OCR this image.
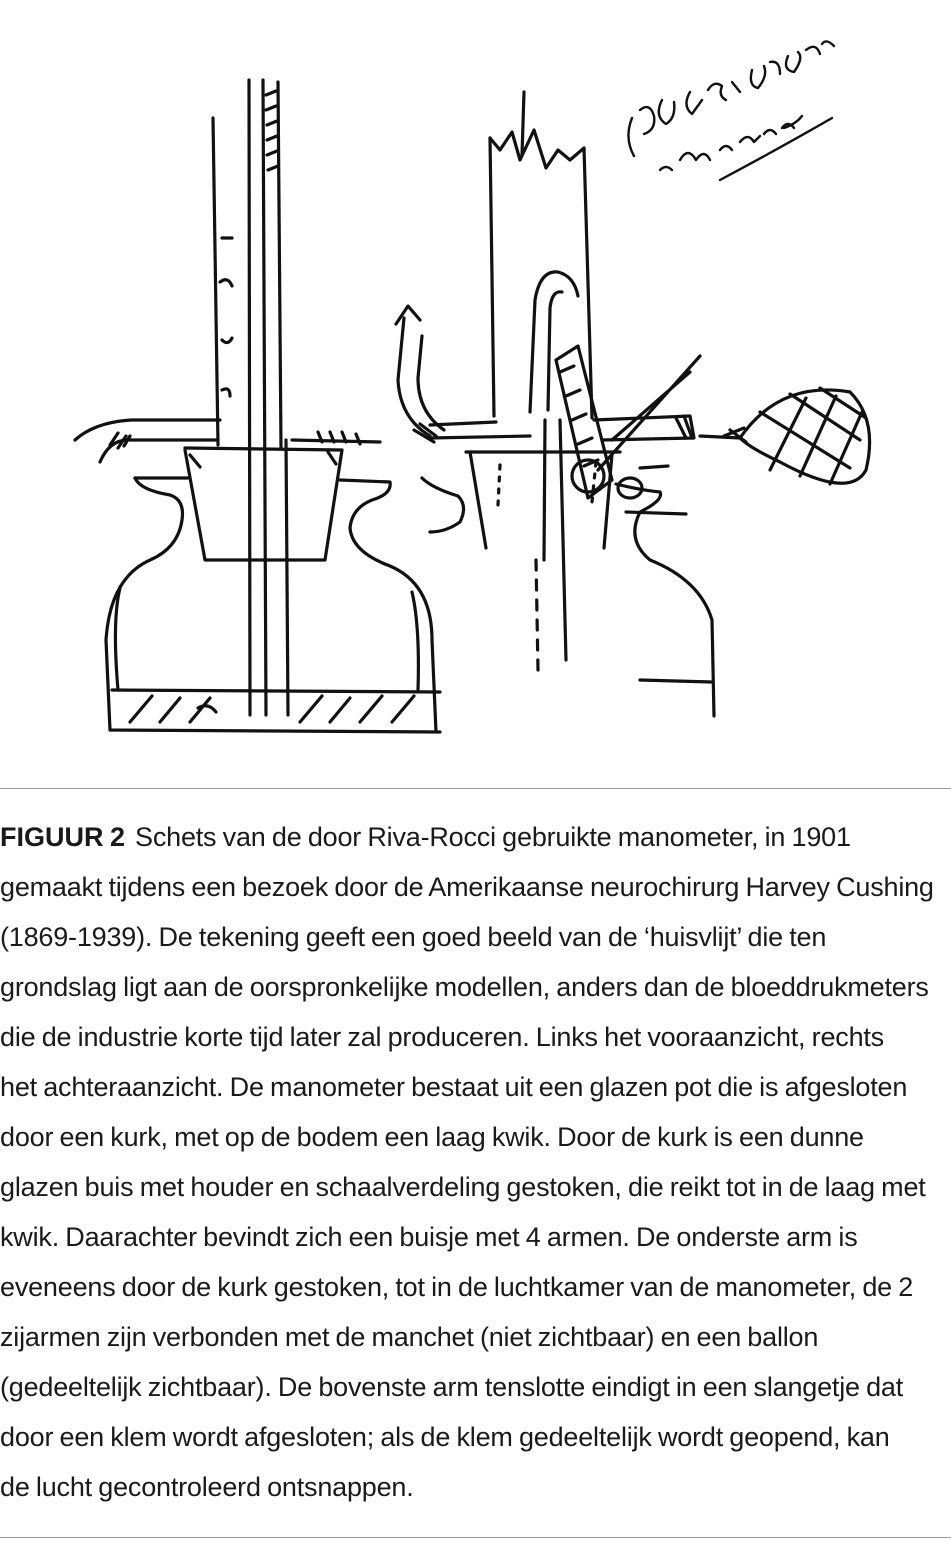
FIGUUR 2 Schets van de door Riva-Rocci gebruikte manometer, in 1901
gemaakt tijdens een bezoek door de Amerikaanse neurochirurg Harvey Cushing
(1869-1939). De tekening geeft een goed beeld van de ‘huisvlijt’ die ten
grondslag ligt aan de oorspronkelijke modellen, anders dan de bloeddrukmeters
die de industrie korte tijd later zal produceren. Links het vooraanzicht, rechts
het achteraanzicht. De manometer bestaat uit een glazen pot die is afgesloten
door een kurk, met op de bodem een laag kwik. Door de kurk is een dunne
glazen buis met houder en schaalverdeling gestoken, die reikt tot in de laag met
kwik. Daarachter bevindt zich een buisje met 4 armen. De onderste arm is
eveneens door de kurk gestoken, tot in de luchtkamer van de manometer, de 2
zijarmen zijn verbonden met de manchet (niet zichtbaar) en een ballon
(gedeeltelijk zichtbaar). De bovenste arm tenslotte eindigt in een slangetje dat
door een klem wordt afgesloten; als de klem gedeeltelijk wordt geopend, kan
de lucht gecontroleerd ontsnappen.
